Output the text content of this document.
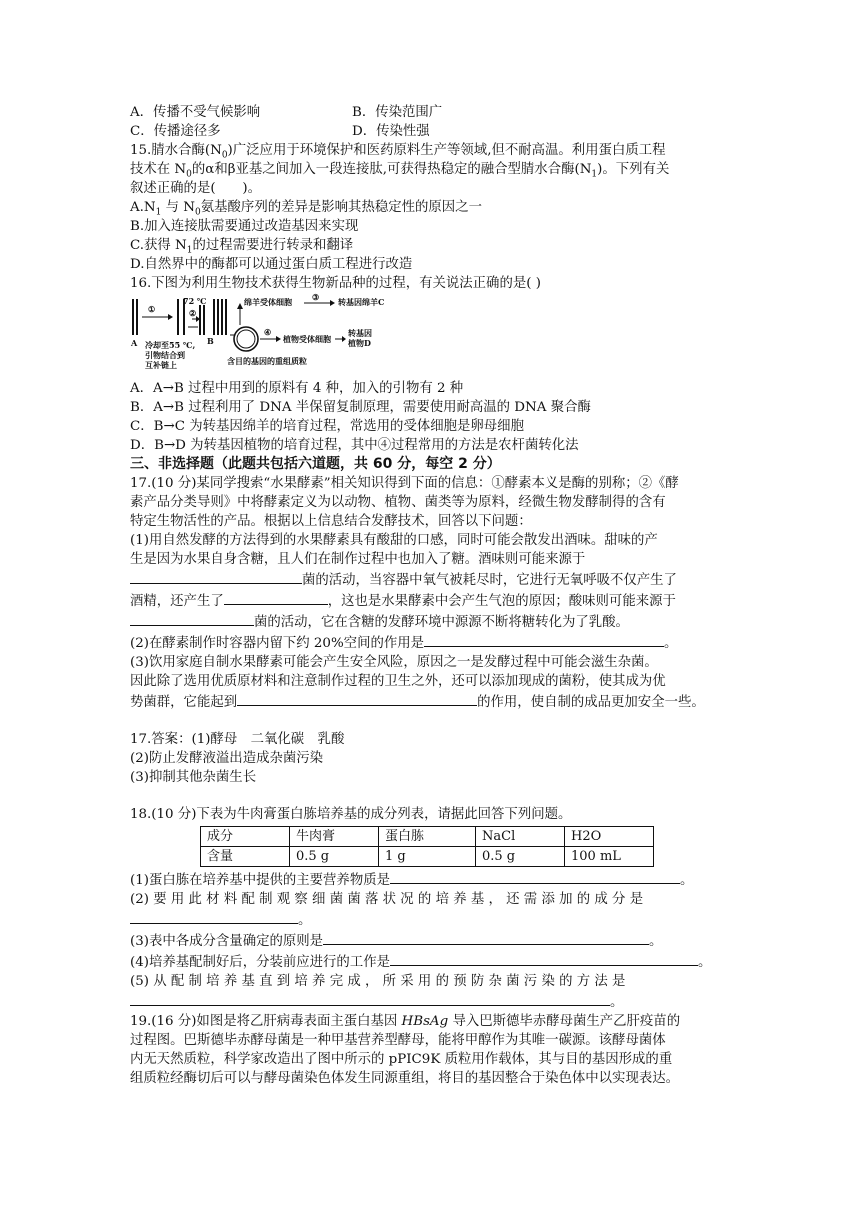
A．传播不受气候影响	B．传染范围广
C．传播途径多	D．传染性强
15.腈水合酶$(N_0)$广泛应用于环境保护和医药原料生产等领域,但不耐高温。利用蛋白质工程
技术在 $N_0$的α和β亚基之间加入一段连接肽,可获得热稳定的融合型腈水合酶$(N_1)$。下列有关
叙述正确的是(　　)。
$A.N_1$ 与 $N_0$氨基酸序列的差异是影响其热稳定性的原因之一
B.加入连接肽需要通过改造基因来实现
C.获得 $N_1$的过程需要进行转录和翻译
D.自然界中的酶都可以通过蛋白质工程进行改造
16.下图为利用生物技术获得生物新品种的过程，有关说法正确的是( )
①
72 ℃
②
A	B
冷却至55 ℃,
引物结合到
互补链上	含目的基因的重组质粒
绵羊受体细胞	③ 转基因绵羊C
④
植物受体细胞
转基因
植物D
A．A→B 过程中用到的原料有 4 种，加入的引物有 2 种
B．A→B 过程利用了 DNA 半保留复制原理，需要使用耐高温的 DNA 聚合酶
C．B→C 为转基因绵羊的培育过程，常选用的受体细胞是卵母细胞
D．B→D 为转基因植物的培育过程，其中④过程常用的方法是农杆菌转化法
三、非选择题（此题共包括六道题，共 60 分，每空 2 分）
17.(10 分)某同学搜索“水果酵素”相关知识得到下面的信息：①酵素本义是酶的别称；②《酵
素产品分类导则》中将酵素定义为以动物、植物、菌类等为原料，经微生物发酵制得的含有
特定生物活性的产品。根据以上信息结合发酵技术，回答以下问题：
(1)用自然发酵的方法得到的水果酵素具有酸甜的口感，同时可能会散发出酒味。甜味的产
生是因为水果自身含糖，且人们在制作过程中也加入了糖。酒味则可能来源于
菌的活动，当容器中氧气被耗尽时，它进行无氧呼吸不仅产生了
酒精，还产生了	，这也是水果酵素中会产生气泡的原因；酸味则可能来源于
菌的活动，它在含糖的发酵环境中源源不断将糖转化为了乳酸。
(2)在酵素制作时容器内留下约 20%空间的作用是	。
(3)饮用家庭自制水果酵素可能会产生安全风险，原因之一是发酵过程中可能会滋生杂菌。
因此除了选用优质原材料和注意制作过程的卫生之外，还可以添加现成的菌粉，使其成为优
势菌群，它能起到	的作用，使自制的成品更加安全一些。
17.答案：(1)酵母　二氧化碳　乳酸
(2)防止发酵液溢出造成杂菌污染
(3)抑制其他杂菌生长
18.(10 分)下表为牛肉膏蛋白胨培养基的成分列表，请据此回答下列问题。
成分	牛肉膏	蛋白胨	NaCl	H2O
含量	0.5 g	1 g	0.5 g	100 mL
(1)蛋白胨在培养基中提供的主要营养物质是	。
(2) 要 用 此 材 料 配 制 观 察 细 菌 菌 落 状 况 的 培 养 基 ， 还 需 添 加 的 成 分 是
。
(3)表中各成分含量确定的原则是	。
(4)培养基配制好后，分装前应进行的工作是	。
(5) 从 配 制 培 养 基 直 到 培 养 完 成 ， 所 采 用 的 预 防 杂 菌 污 染 的 方 法 是
。
19.(16 分)如图是将乙肝病毒表面主蛋白基因 HBsAg 导入巴斯德毕赤酵母菌生产乙肝疫苗的
过程图。巴斯德毕赤酵母菌是一种甲基营养型酵母，能将甲醇作为其唯一碳源。该酵母菌体
内无天然质粒，科学家改造出了图中所示的 pPIC9K 质粒用作载体，其与目的基因形成的重
组质粒经酶切后可以与酵母菌染色体发生同源重组，将目的基因整合于染色体中以实现表达。
